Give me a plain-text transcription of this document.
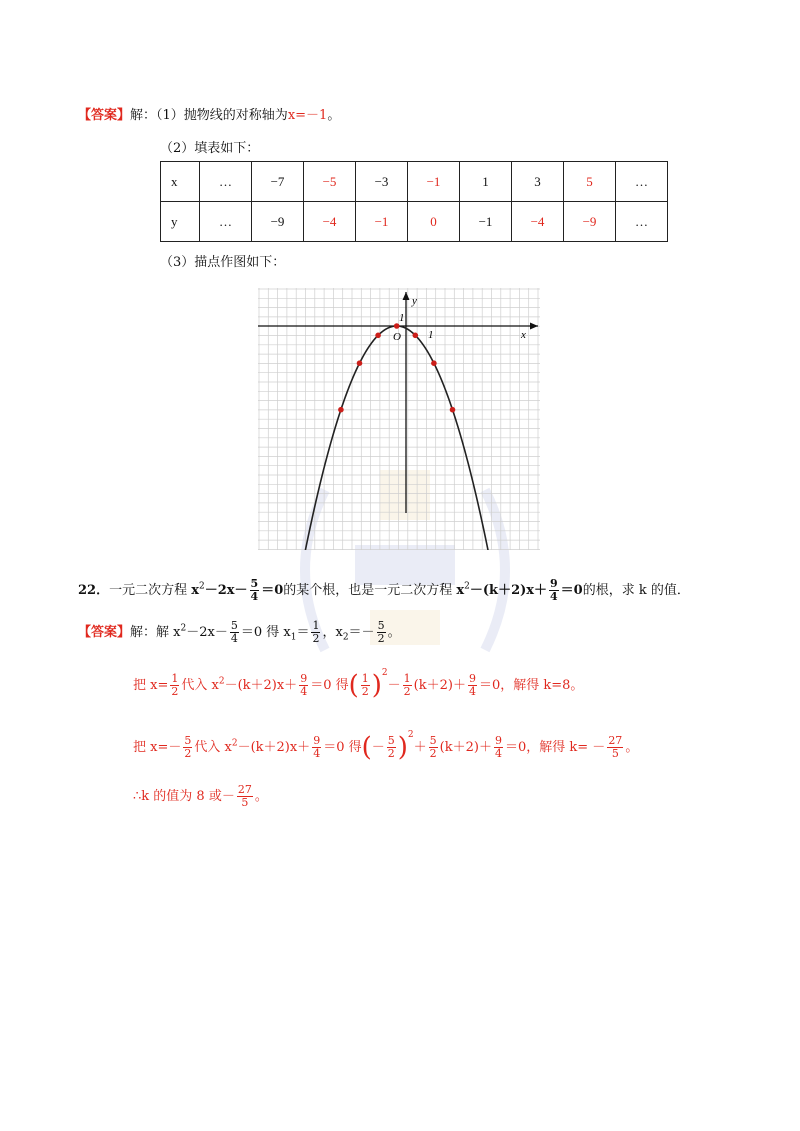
【答案】解：（1）抛物线的对称轴为x=－1。
（2）填表如下：
x	…	−7	−5	−3	−1	1	3	5	…
y	…	−9	−4	−1	0	−1	−4	−9	…
（3）描点作图如下：
x
y
O
1
1
22．一元二次方程 $x^2-2x- \frac{5}{4} =0$的某个根，也是一元二次方程 $x^2-(k+2)x+ \frac{9}{4} =0$的根，求 k 的值．
【答案】解：解 $x^2-2x- \frac{5}{4} =0$ 得 $x_1= \frac{1}{2}$ ，$x_2=- \frac{5}{2}$ 。
把 $x= \frac{1}{2}$ 代入 $x^2-(k+2)x+ \frac{9}{4} =0$ 得( $\frac{1}{2} )^2- \frac{1}{2} (k+2)+ \frac{9}{4} =0$，解得 k=8。
把 $x=- \frac{5}{2}$ 代入 $x^2-(k+2)x+ \frac{9}{4} =0$ 得(－ $\frac{5}{2} )^2+ \frac{5}{2} (k+2)+ \frac{9}{4} =0$，解得 $k= - \frac{27}{5}$ 。
∴k 的值为 8 或－ $\frac{27}{5}$ 。
